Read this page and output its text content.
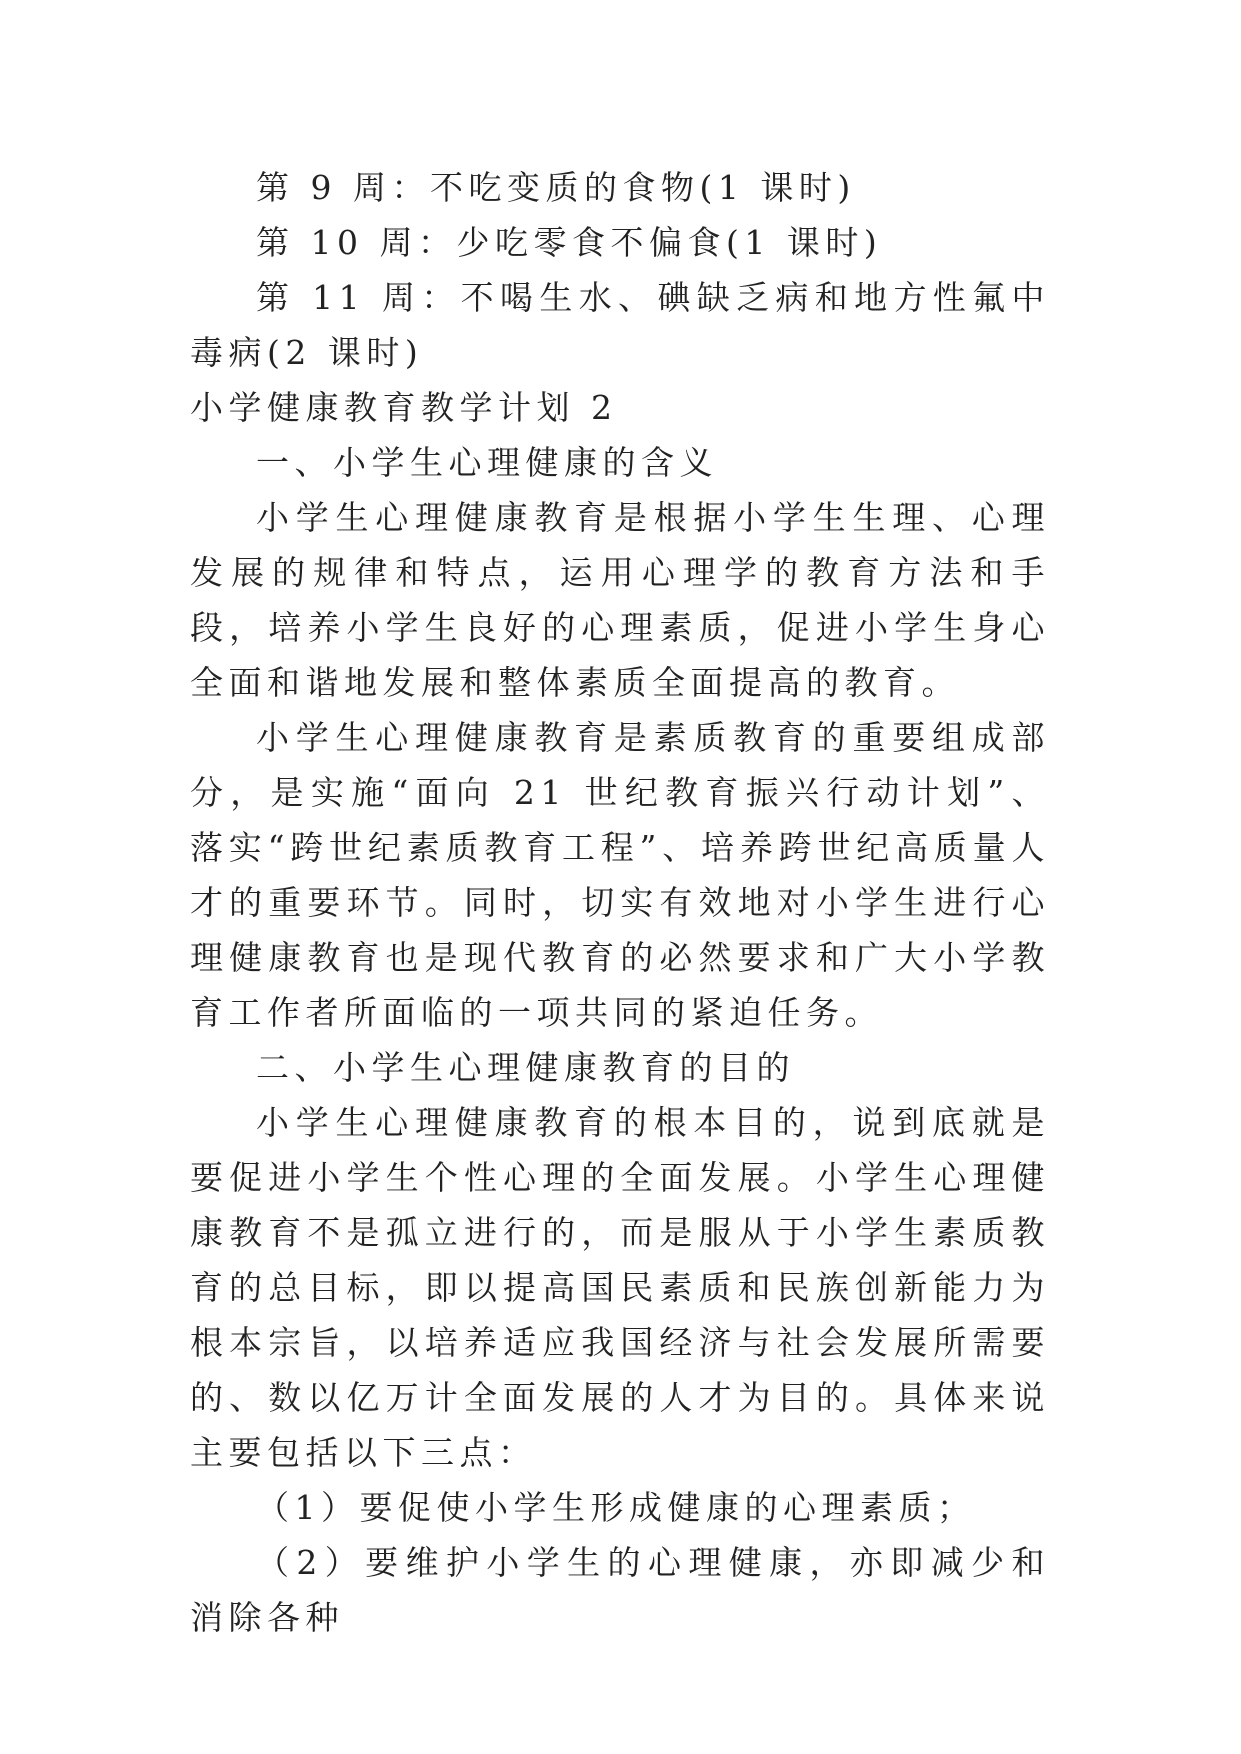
第 9 周：不吃变质的食物(1 课时)

第 10 周：少吃零食不偏食(1 课时)

第 11 周：不喝生水、碘缺乏病和地方性氟中毒病(2 课时)

小学健康教育教学计划 2

一、小学生心理健康的含义

小学生心理健康教育是根据小学生生理、心理发展的规律和特点，运用心理学的教育方法和手段，培养小学生良好的心理素质，促进小学生身心全面和谐地发展和整体素质全面提高的教育。

小学生心理健康教育是素质教育的重要组成部分，是实施“面向 21 世纪教育振兴行动计划”、落实“跨世纪素质教育工程”、培养跨世纪高质量人才的重要环节。同时，切实有效地对小学生进行心理健康教育也是现代教育的必然要求和广大小学教育工作者所面临的一项共同的紧迫任务。

二、小学生心理健康教育的目的

小学生心理健康教育的根本目的，说到底就是要促进小学生个性心理的全面发展。小学生心理健康教育不是孤立进行的，而是服从于小学生素质教育的总目标，即以提高国民素质和民族创新能力为根本宗旨，以培养适应我国经济与社会发展所需要的、数以亿万计全面发展的人才为目的。具体来说主要包括以下三点：

（1）要促使小学生形成健康的心理素质；

（2）要维护小学生的心理健康，亦即减少和消除各种
